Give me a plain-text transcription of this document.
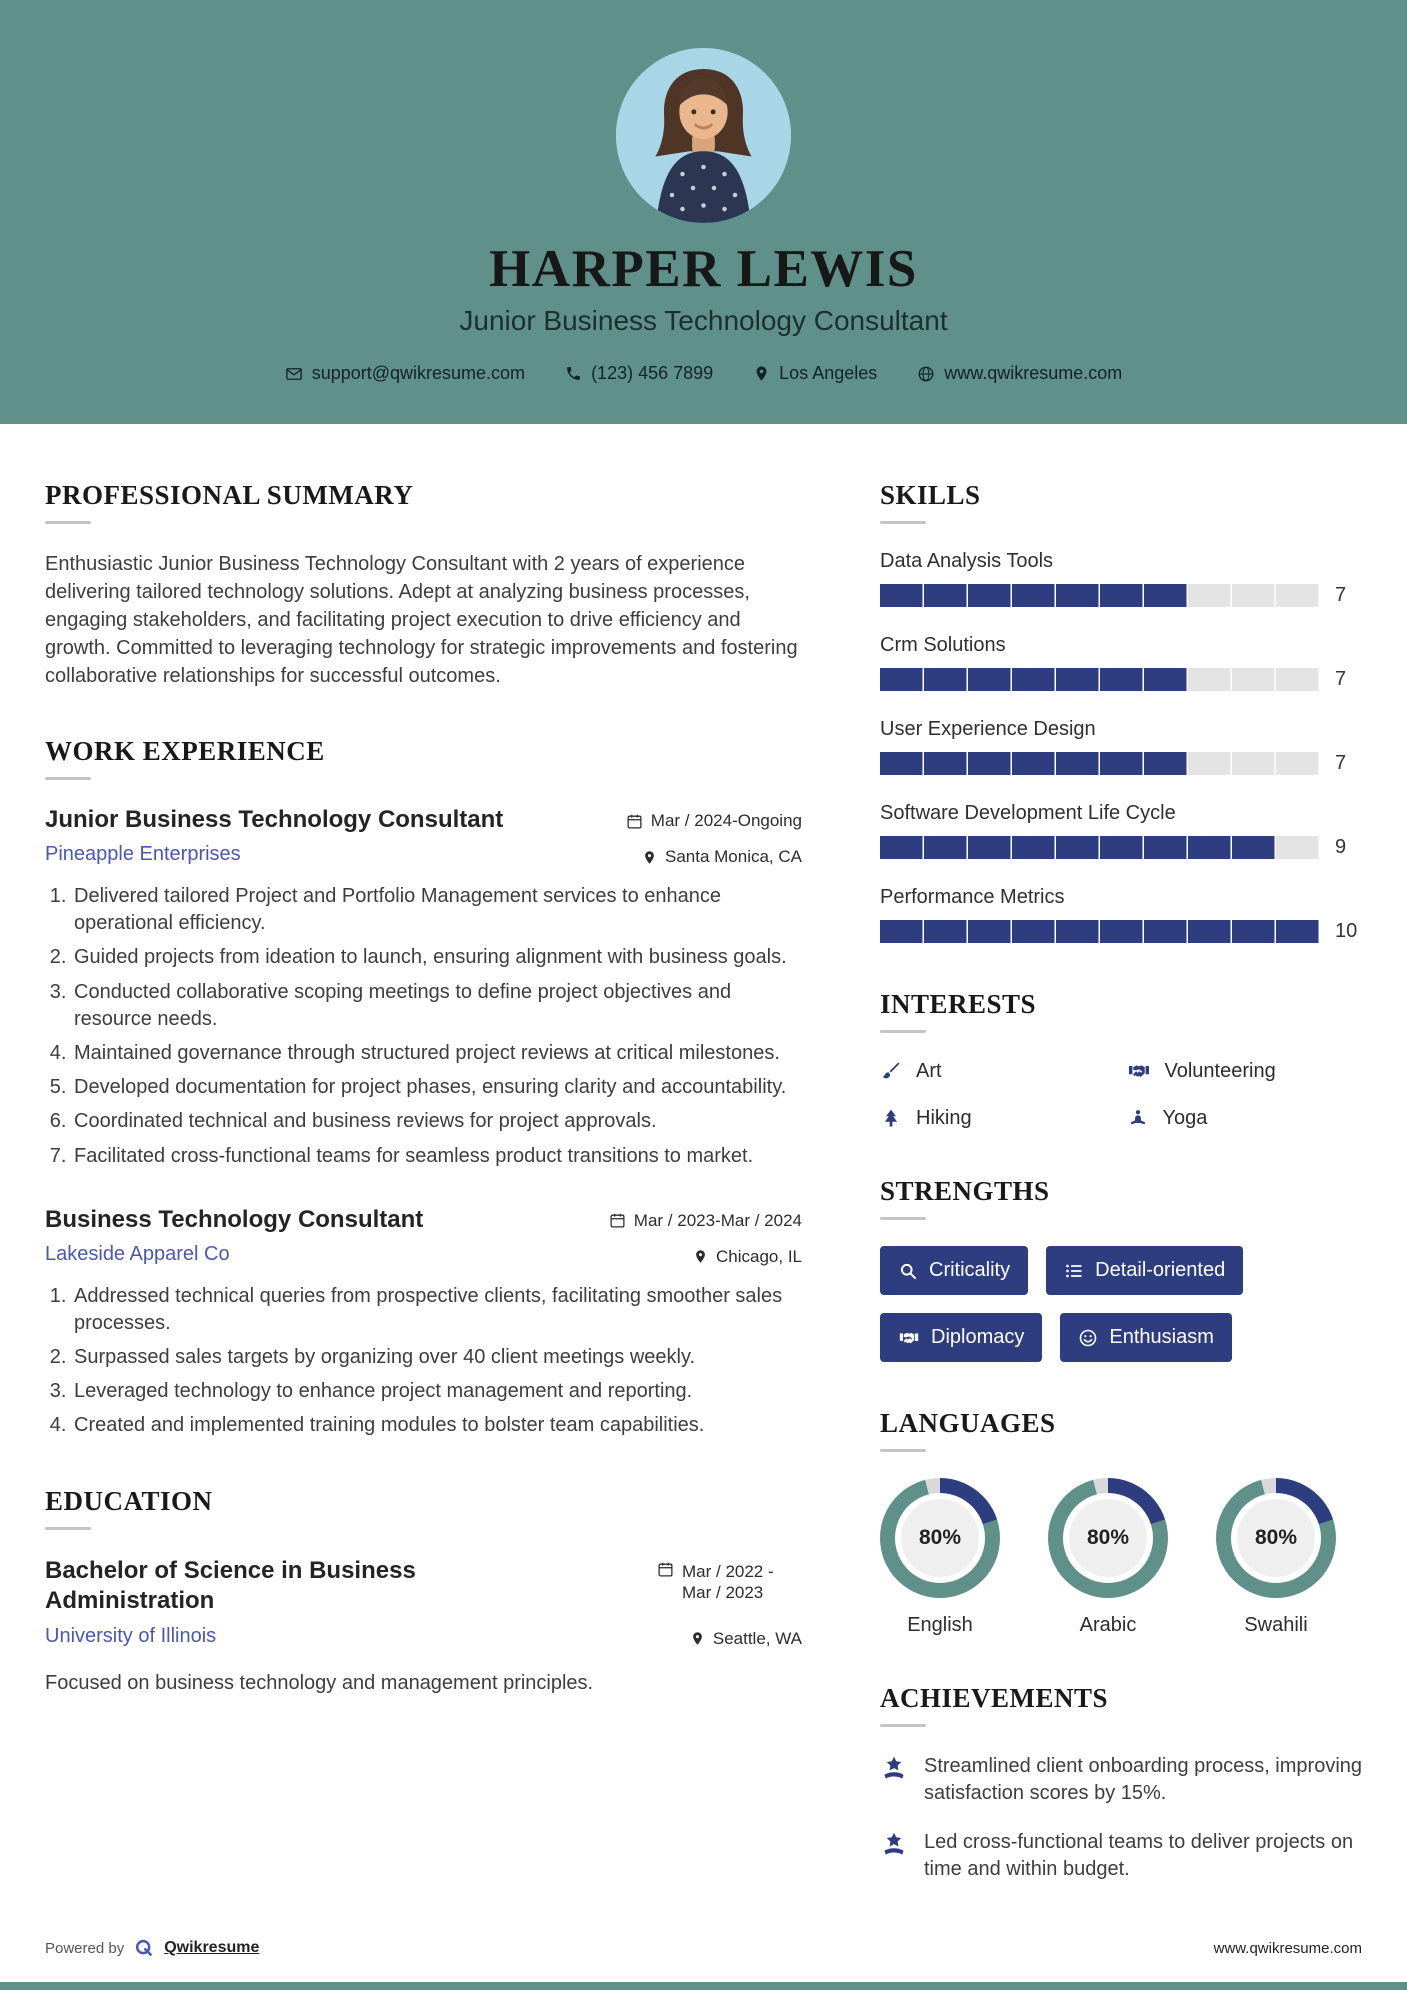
HARPER LEWIS
Junior Business Technology Consultant
support@qwikresume.com	(123) 456 7899	Los Angeles	www.qwikresume.com
PROFESSIONAL SUMMARY

Enthusiastic Junior Business Technology Consultant with 2 years of experience delivering tailored technology solutions. Adept at analyzing business processes, engaging stakeholders, and facilitating project execution to drive efficiency and growth. Committed to leveraging technology for strategic improvements and fostering collaborative relationships for successful outcomes.

WORK EXPERIENCE
Junior Business Technology Consultant	Mar / 2024-Ongoing
Pineapple Enterprises	Santa Monica, CA
1. Delivered tailored Project and Portfolio Management services to enhance operational efficiency.
2. Guided projects from ideation to launch, ensuring alignment with business goals.
3. Conducted collaborative scoping meetings to define project objectives and resource needs.
4. Maintained governance through structured project reviews at critical milestones.
5. Developed documentation for project phases, ensuring clarity and accountability.
6. Coordinated technical and business reviews for project approvals.
7. Facilitated cross-functional teams for seamless product transitions to market.
Business Technology Consultant	Mar / 2023-Mar / 2024
Lakeside Apparel Co	Chicago, IL
1. Addressed technical queries from prospective clients, facilitating smoother sales processes.
2. Surpassed sales targets by organizing over 40 client meetings weekly.
3. Leveraged technology to enhance project management and reporting.
4. Created and implemented training modules to bolster team capabilities.
EDUCATION
Bachelor of Science in Business Administration
Mar / 2022 - Mar / 2023
University of Illinois	Seattle, WA

Focused on business technology and management principles.

SKILLS
Data Analysis Tools
7
Crm Solutions
7
User Experience Design
7
Software Development Life Cycle
9
Performance Metrics
10
INTERESTS
Art	Volunteering
Hiking	Yoga
STRENGTHS
Criticality	Detail-oriented
Diplomacy	Enthusiasm
LANGUAGES
80%
English
80%
Arabic
80%
Swahili
ACHIEVEMENTS
Streamlined client onboarding process, improving satisfaction scores by 15%.
Led cross-functional teams to deliver projects on time and within budget.
Powered by	Qwikresume	www.qwikresume.com
